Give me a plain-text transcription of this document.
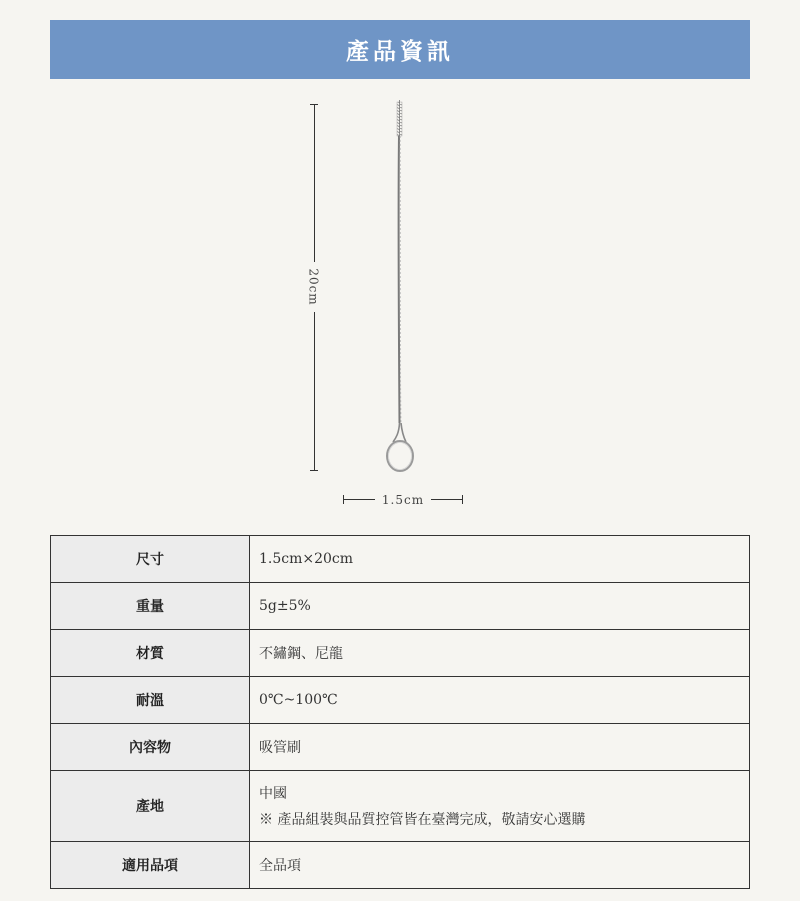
產品資訊
20cm
1.5cm
尺寸	1.5cm×20cm
重量	5g±5%
材質	不鏽鋼、尼龍
耐溫	0℃~100℃
內容物	吸管刷
產地	中國
※ 產品組裝與品質控管皆在臺灣完成，敬請安心選購

適用品項	全品項
